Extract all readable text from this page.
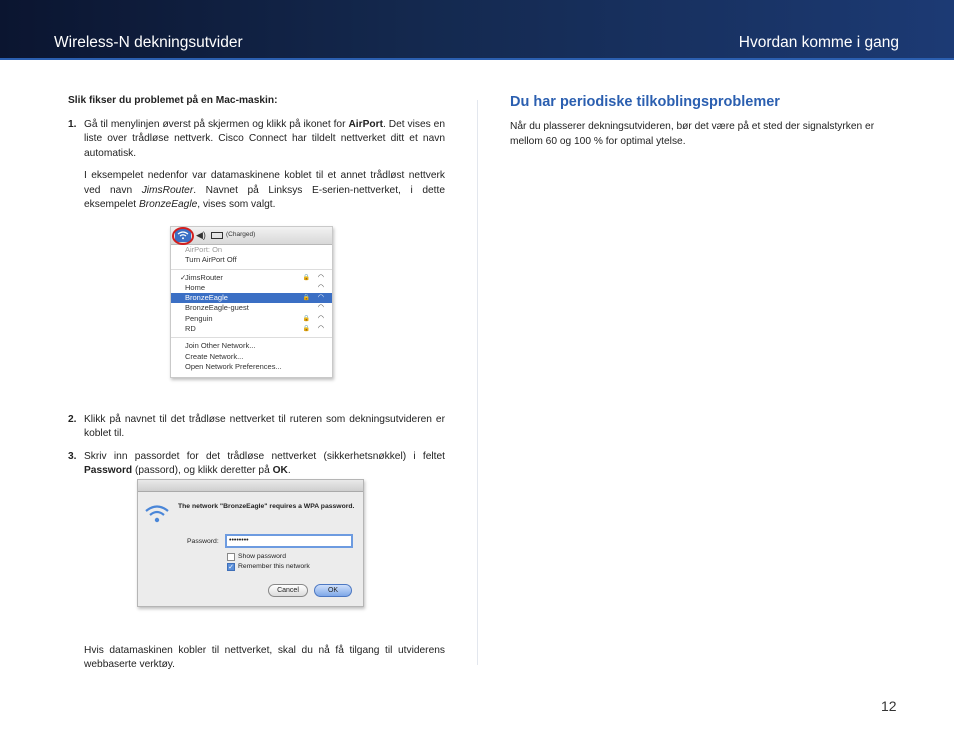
Wireless-N dekningsutvider	Hvordan komme i gang
Slik fikser du problemet på en Mac-maskin:
1. Gå til menylinjen øverst på skjermen og klikk på ikonet for AirPort. Det vises en liste over trådløse nettverk. Cisco Connect har tildelt nettverket ditt et navn automatisk.
I eksempelet nedenfor var datamaskinene koblet til et annet trådløst nettverk ved navn JimsRouter. Navnet på Linksys E-serien-nettverket, i dette eksempelet BronzeEagle, vises som valgt.
2. Klikk på navnet til det trådløse nettverket til ruteren som dekningsutvideren er koblet til.
3. Skriv inn passordet for det trådløse nettverket (sikkerhetsnøkkel) i feltet Password (passord), og klikk deretter på OK.
Hvis datamaskinen kobler til nettverket, skal du nå få tilgang til utviderens webbaserte verktøy.
◀)	(Charged)
AirPort: On
Turn AirPort Off
✓
JimsRouter	🔒 ◠
Home	◠
BronzeEagle	🔒 ◠
BronzeEagle-guest	◠
Penguin	🔒 ◠
RD	🔒 ◠
Join Other Network...
Create Network...
Open Network Preferences...
The network "BronzeEagle" requires a WPA password.
Password:	••••••••
Show password
✓ Remember this network
Cancel	OK
Du har periodiske tilkoblingsproblemer

Når du plasserer dekningsutvideren, bør det være på et sted der signalstyrken er mellom 60 og 100 % for optimal ytelse.

12
